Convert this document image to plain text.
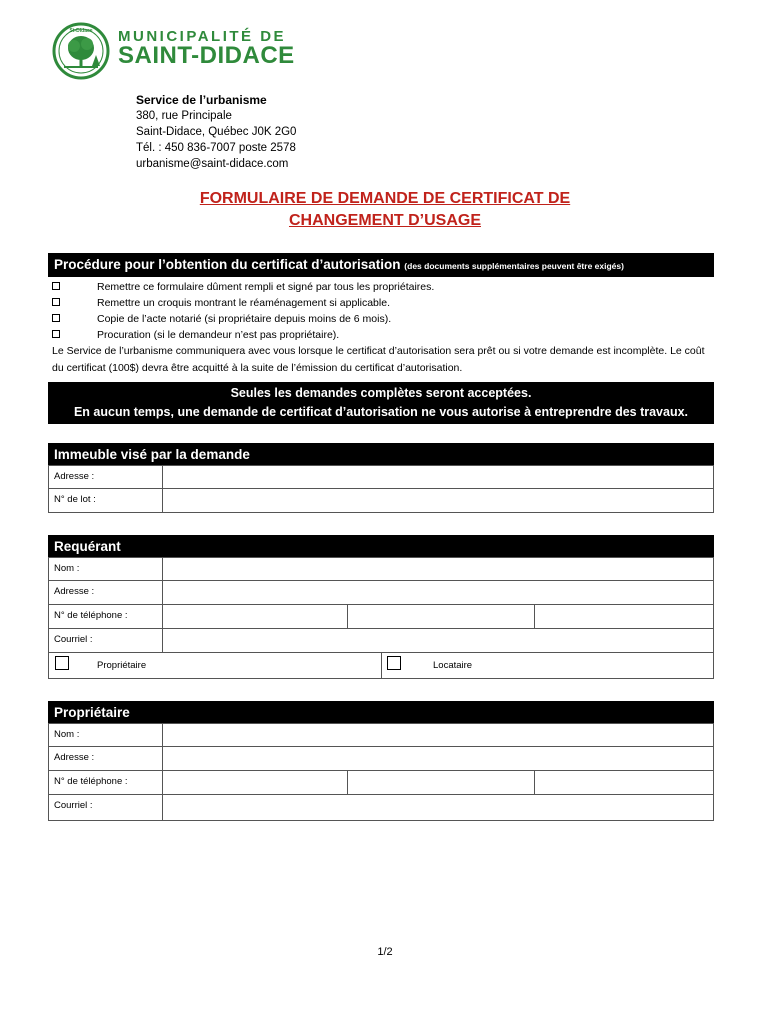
St-Didace MUNICIPALITÉ DE
SAINT-DIDACE
Service de l’urbanisme
380, rue Principale
Saint-Didace, Québec J0K 2G0
Tél. : 450 836-7007 poste 2578
urbanisme@saint-didace.com
FORMULAIRE DE DEMANDE DE CERTIFICAT DE
CHANGEMENT D’USAGE
Procédure pour l’obtention du certificat d’autorisation (des documents supplémentaires peuvent être exigés)
Remettre ce formulaire dûment rempli et signé par tous les propriétaires.
Remettre un croquis montrant le réaménagement si applicable.
Copie de l’acte notarié (si propriétaire depuis moins de 6 mois).
Procuration (si le demandeur n’est pas propriétaire).
Le Service de l’urbanisme communiquera avec vous lorsque le certificat d’autorisation sera prêt ou si votre demande est incomplète. Le coût du certificat (100$) devra être acquitté à la suite de l’émission du certificat d’autorisation.
Seules les demandes complètes seront acceptées.
En aucun temps, une demande de certificat d’autorisation ne vous autorise à entreprendre des travaux.
Immeuble visé par la demande
Adresse :
N° de lot :
Requérant
Nom :
Adresse :
N° de téléphone :
Courriel :
Propriétaire	Locataire
Propriétaire
Nom :
Adresse :
N° de téléphone :
Courriel :
1/2
